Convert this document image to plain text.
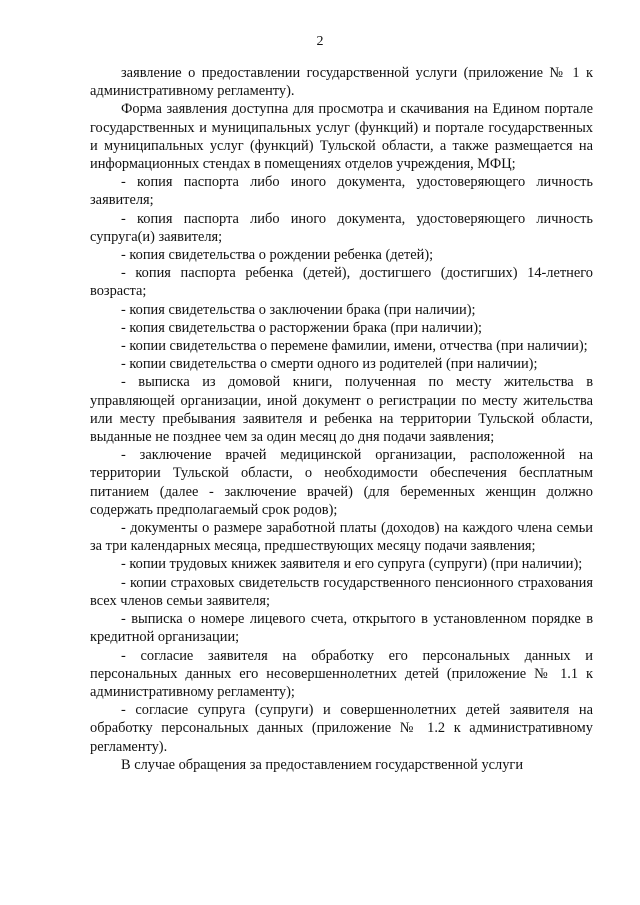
2

заявление о предоставлении государственной услуги (приложение № 1 к административному регламенту).

Форма заявления доступна для просмотра и скачивания на Едином портале государственных и муниципальных услуг (функций) и портале государственных и муниципальных услуг (функций) Тульской области, а также размещается на информационных стендах в помещениях отделов учреждения, МФЦ;

- копия паспорта либо иного документа, удостоверяющего личность заявителя;

- копия паспорта либо иного документа, удостоверяющего личность супруга(и) заявителя;

- копия свидетельства о рождении ребенка (детей);

- копия паспорта ребенка (детей), достигшего (достигших) 14-летнего возраста;

- копия свидетельства о заключении брака (при наличии);

- копия свидетельства о расторжении брака (при наличии);

- копии свидетельства о перемене фамилии, имени, отчества (при наличии);

- копии свидетельства о смерти одного из родителей (при наличии);

- выписка из домовой книги, полученная по месту жительства в управляющей организации, иной документ о регистрации по месту жительства или месту пребывания заявителя и ребенка на территории Тульской области, выданные не позднее чем за один месяц до дня подачи заявления;

- заключение врачей медицинской организации, расположенной на территории Тульской области, о необходимости обеспечения бесплатным питанием (далее - заключение врачей) (для беременных женщин должно содержать предполагаемый срок родов);

- документы о размере заработной платы (доходов) на каждого члена семьи за три календарных месяца, предшествующих месяцу подачи заявления;

- копии трудовых книжек заявителя и его супруга (супруги) (при наличии);

- копии страховых свидетельств государственного пенсионного страхования всех членов семьи заявителя;

- выписка о номере лицевого счета, открытого в установленном порядке в кредитной организации;

- согласие заявителя на обработку его персональных данных и персональных данных его несовершеннолетних детей (приложение № 1.1 к административному регламенту);

- согласие супруга (супруги) и совершеннолетних детей заявителя на обработку персональных данных (приложение № 1.2 к административному регламенту).

В случае обращения за предоставлением государственной услуги
